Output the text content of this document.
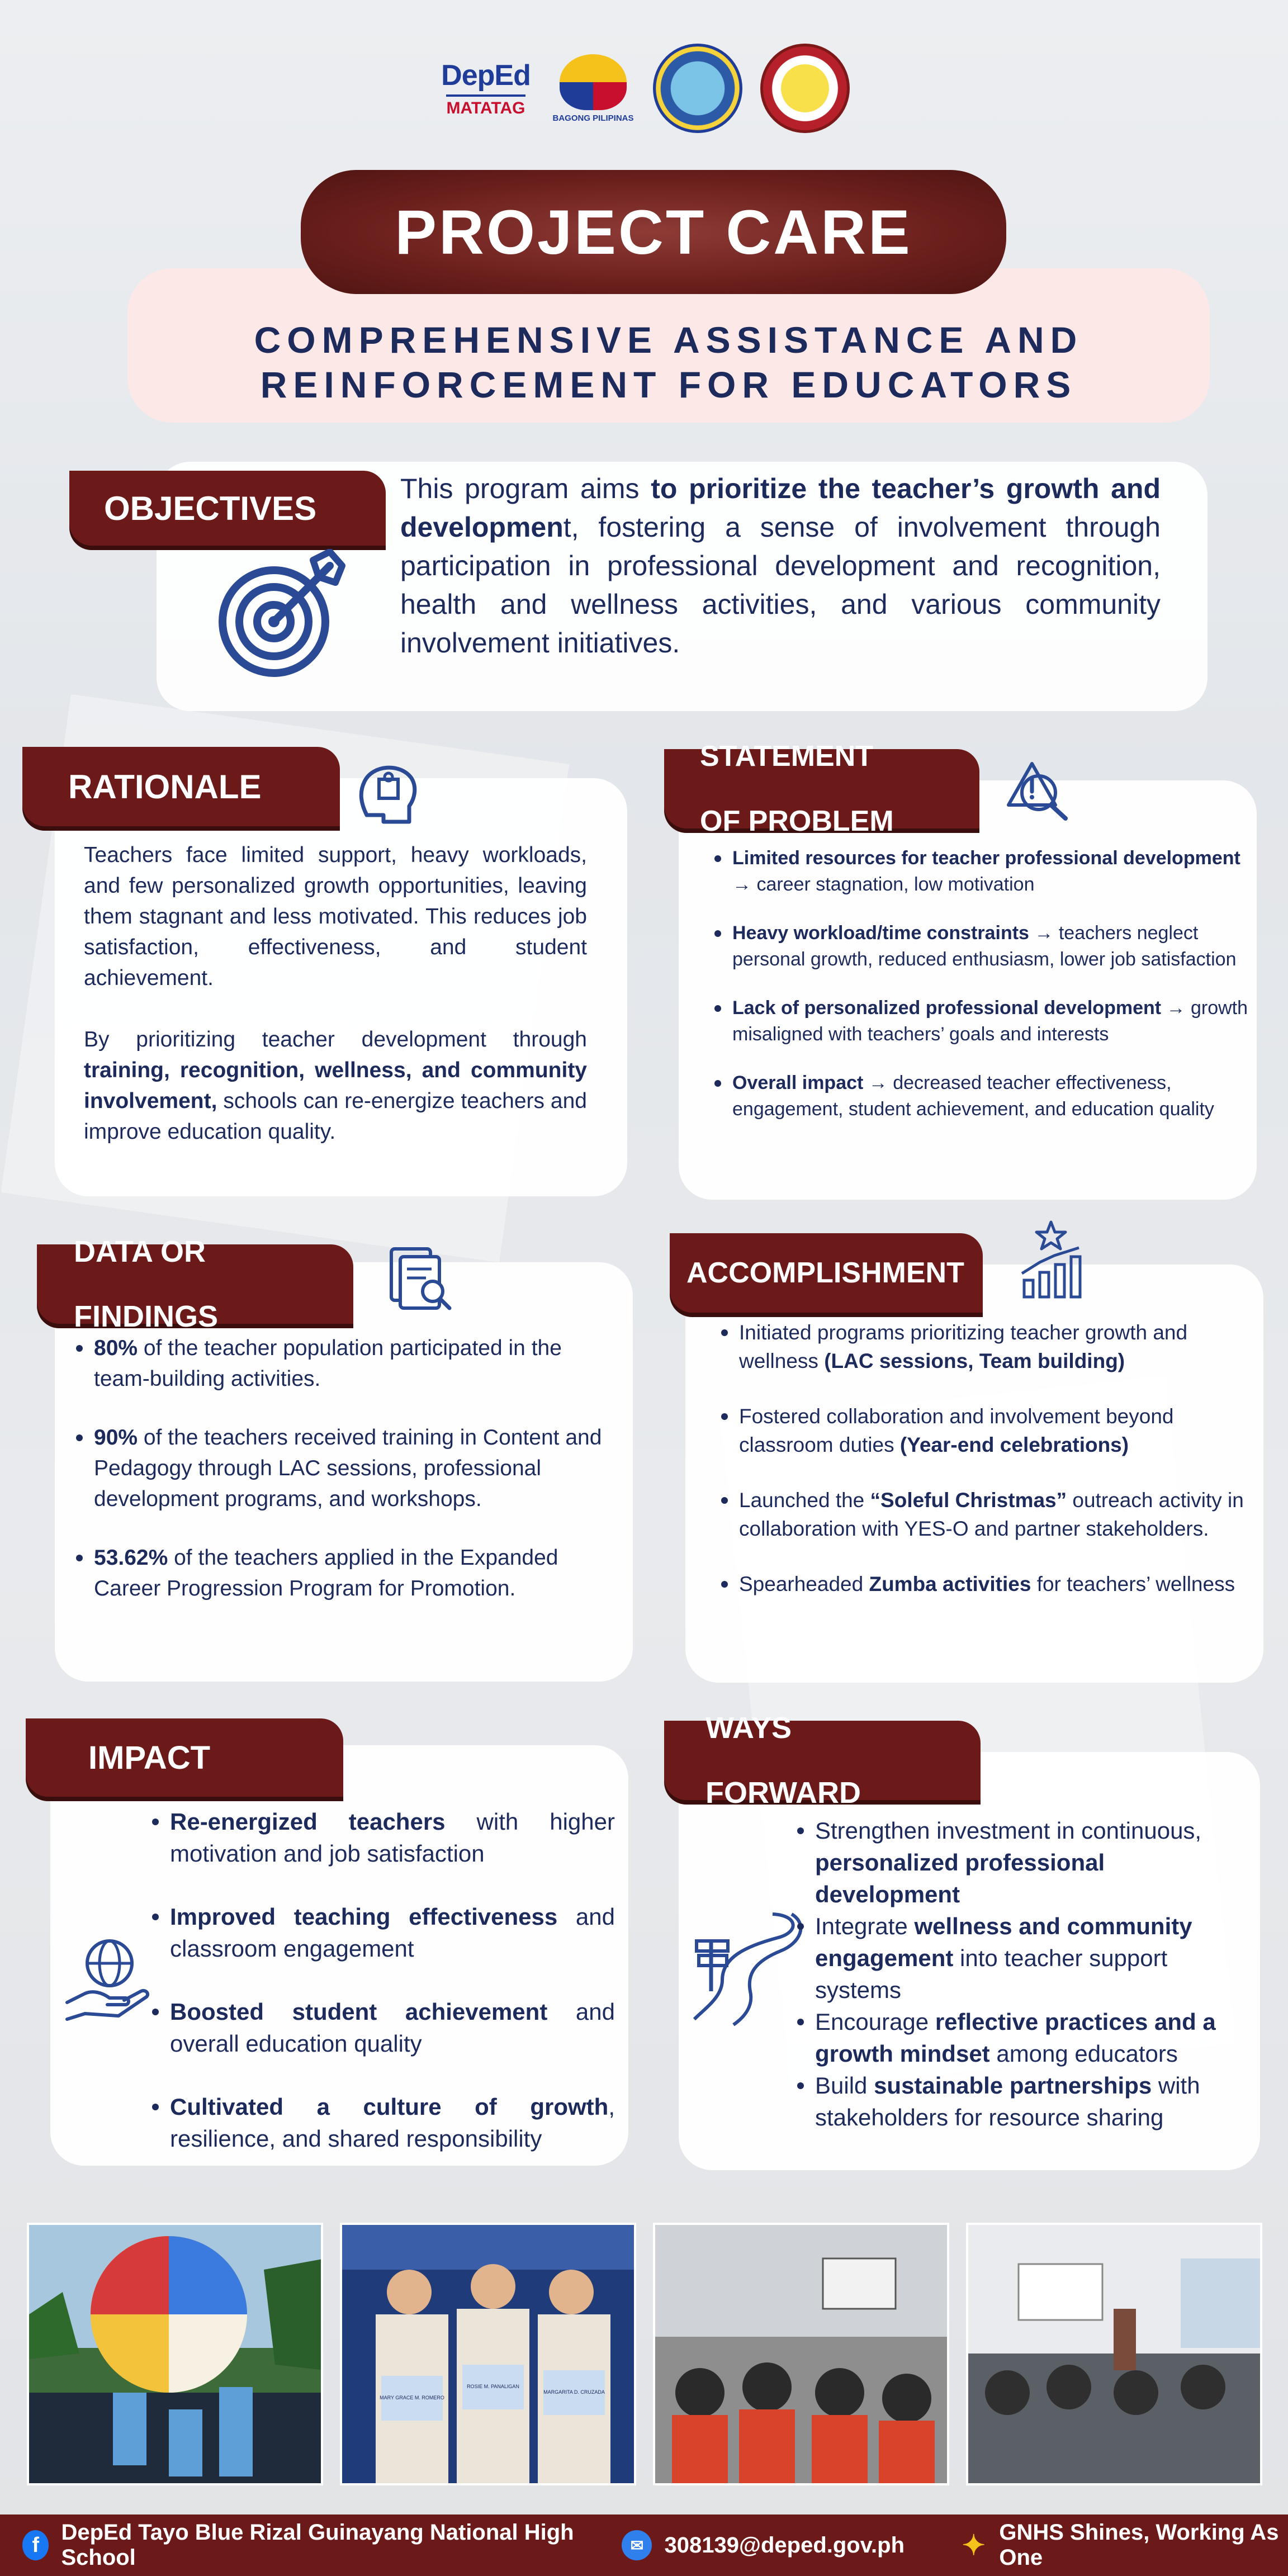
DepEd
MATATAG
BAGONG PILIPINAS
COMPREHENSIVE ASSISTANCE AND
REINFORCEMENT FOR EDUCATORS
PROJECT CARE
OBJECTIVES
This program aims to prioritize the teacher’s growth and development, fostering a sense of involvement through participation in professional development and recognition, health and wellness activities, and various community involvement initiatives.
RATIONALE

Teachers face limited support, heavy workloads, and few personalized growth opportunities, leaving them stagnant and less motivated. This reduces job satisfaction, effectiveness, and student achievement.

By prioritizing teacher development through training, recognition, wellness, and community involvement, schools can re-energize teachers and improve education quality.

STATEMENT

OF PROBLEM
Limited resources for teacher professional development → career stagnation, low motivation
Heavy workload/time constraints → teachers neglect personal growth, reduced enthusiasm, lower job satisfaction
Lack of personalized professional development → growth misaligned with teachers’ goals and interests
Overall impact → decreased teacher effectiveness, engagement, student achievement, and education quality
DATA OR

FINDINGS
80% of the teacher population participated in the team-building activities.
90% of the teachers received training in Content and Pedagogy through LAC sessions, professional development programs, and workshops.
53.62% of the teachers applied in the Expanded Career Progression Program for Promotion.
ACCOMPLISHMENT
Initiated programs prioritizing teacher growth and wellness (LAC sessions, Team building)
Fostered collaboration and involvement beyond classroom duties (Year-end celebrations)
Launched the “Soleful Christmas” outreach activity in collaboration with YES-O and partner stakeholders.
Spearheaded Zumba activities for teachers’ wellness
IMPACT
Re-energized teachers with higher motivation and job satisfaction
Improved teaching effectiveness and classroom engagement
Boosted student achievement and overall education quality
Cultivated a culture of growth, resilience, and shared responsibility
WAYS

FORWARD
Strengthen investment in continuous, personalized professional development
Integrate wellness and community engagement into teacher support systems
Encourage reflective practices and a growth mindset among educators
Build sustainable partnerships with stakeholders for resource sharing
MARY GRACE M. ROMERO
ROSIE M. PANALIGAN
MARGARITA D. CRUZADA
f
DepEd Tayo Blue Rizal Guinayang National High School	✉ 308139@deped.gov.ph ✦ GNHS Shines, Working As One
